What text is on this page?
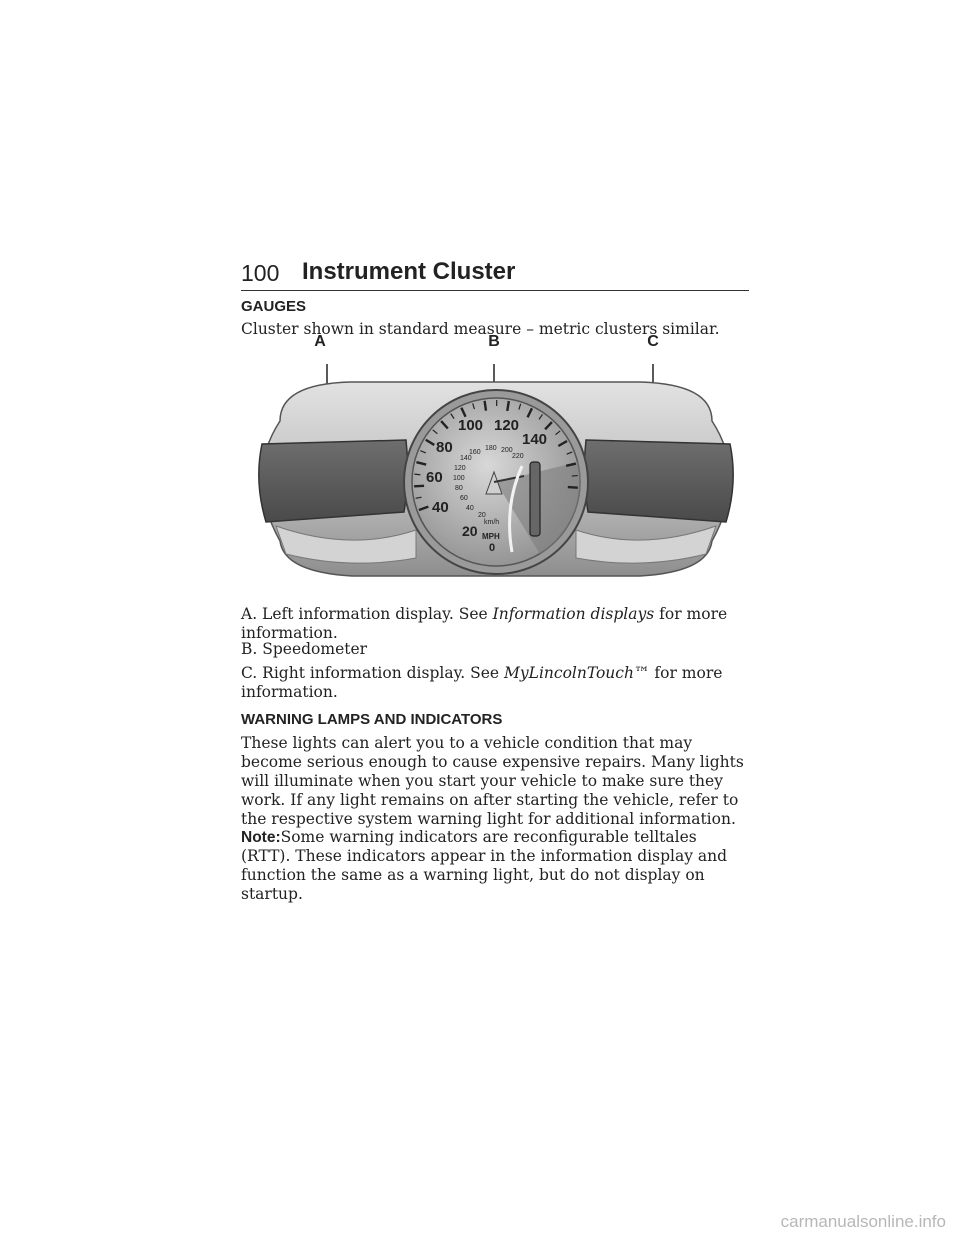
100 Instrument Cluster
GAUGES

Cluster shown in standard measure – metric clusters similar.

A	B	C
20
40
60
80
100 120
140
20
40
60
80
100
120
140
160
180 200
220
km/h
MPH
0

A. Left information display. See Information displays for more information.

B. Speedometer

C. Right information display. See MyLincolnTouch™ for more information.

WARNING LAMPS AND INDICATORS

These lights can alert you to a vehicle condition that may become serious enough to cause expensive repairs. Many lights will illuminate when you start your vehicle to make sure they work. If any light remains on after starting the vehicle, refer to the respective system warning light for additional information.

Note:Some warning indicators are reconfigurable telltales (RTT). These indicators appear in the information display and function the same as a warning light, but do not display on startup.

carmanualsonline.info
